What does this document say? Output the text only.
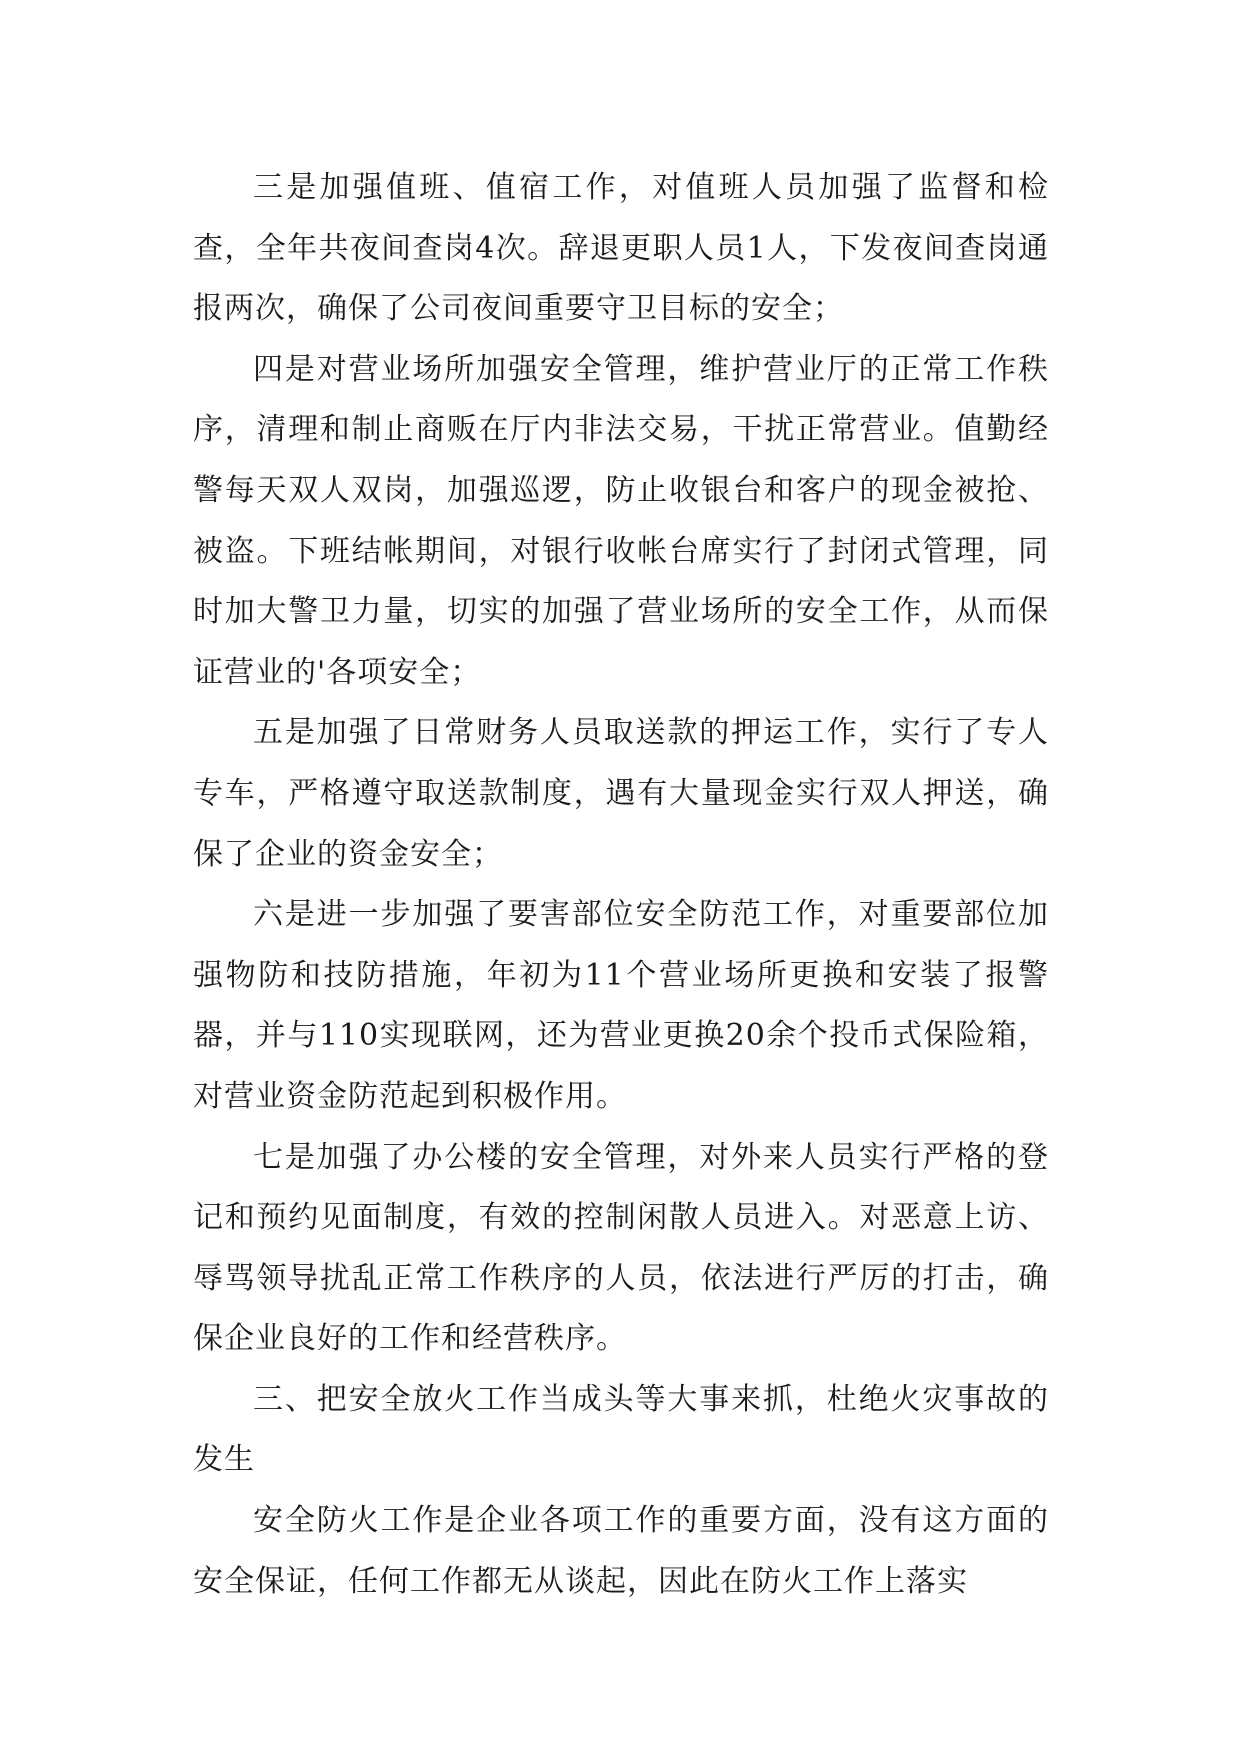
三是加强值班、值宿工作，对值班人员加强了监督和检查，全年共夜间查岗4次。辞退更职人员1人，下发夜间查岗通报两次，确保了公司夜间重要守卫目标的安全；

四是对营业场所加强安全管理，维护营业厅的正常工作秩序，清理和制止商贩在厅内非法交易，干扰正常营业。值勤经警每天双人双岗，加强巡逻，防止收银台和客户的现金被抢、被盗。下班结帐期间，对银行收帐台席实行了封闭式管理，同时加大警卫力量，切实的加强了营业场所的安全工作，从而保证营业的'各项安全；

五是加强了日常财务人员取送款的押运工作，实行了专人专车，严格遵守取送款制度，遇有大量现金实行双人押送，确保了企业的资金安全；

六是进一步加强了要害部位安全防范工作，对重要部位加强物防和技防措施，年初为11个营业场所更换和安装了报警器，并与110实现联网，还为营业更换20余个投币式保险箱，对营业资金防范起到积极作用。

七是加强了办公楼的安全管理，对外来人员实行严格的登记和预约见面制度，有效的控制闲散人员进入。对恶意上访、辱骂领导扰乱正常工作秩序的人员，依法进行严厉的打击，确保企业良好的工作和经营秩序。

三、把安全放火工作当成头等大事来抓，杜绝火灾事故的发生

安全防火工作是企业各项工作的重要方面，没有这方面的安全保证，任何工作都无从谈起，因此在防火工作上落实
